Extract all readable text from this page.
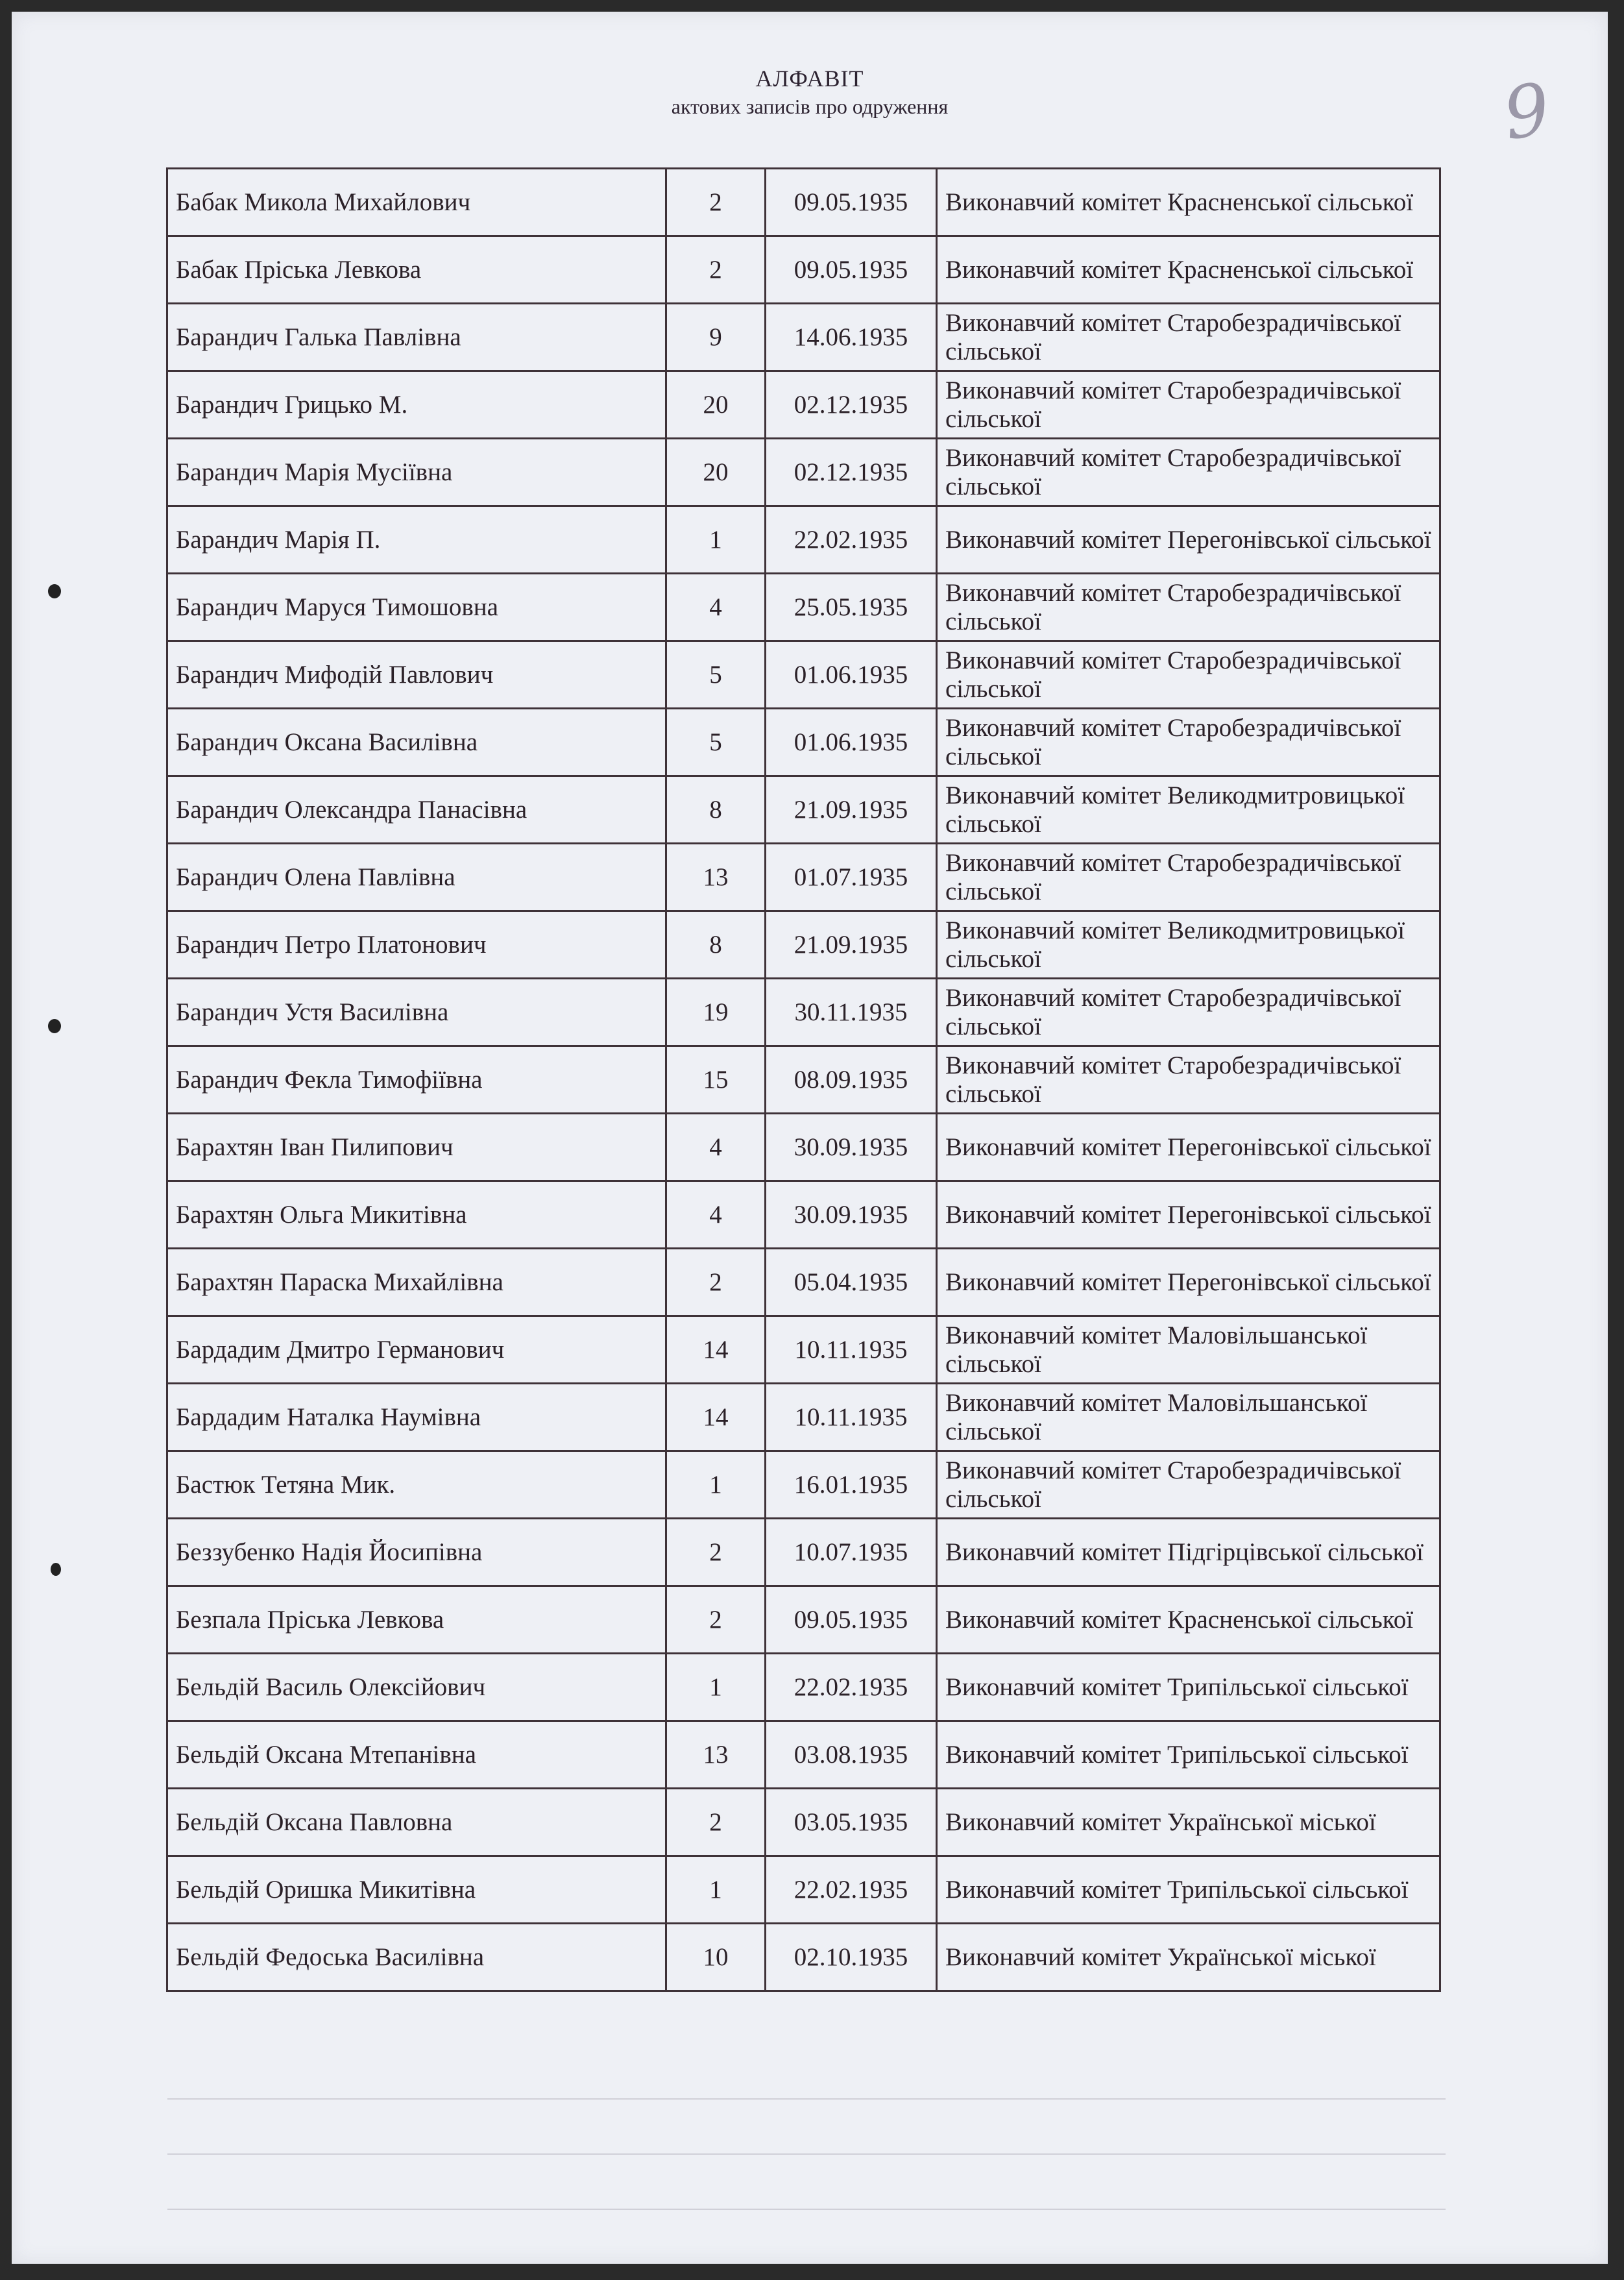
АЛФАВІТ
актових записів про одруження	9
Бабак Микола Михайлович	2	09.05.1935	Виконавчий комітет Красненської сільської
Бабак Пріська Левкова	2	09.05.1935	Виконавчий комітет Красненської сільської
Барандич Галька Павлівна	9	14.06.1935	Виконавчий комітет Старобезрадичівської сільської
Барандич Грицько М.	20	02.12.1935	Виконавчий комітет Старобезрадичівської сільської
Барандич Марія Мусіївна	20	02.12.1935	Виконавчий комітет Старобезрадичівської сільської
Барандич Марія П.	1	22.02.1935	Виконавчий комітет Перегонівської сільської
Барандич Маруся Тимошовна	4	25.05.1935	Виконавчий комітет Старобезрадичівської сільської
Барандич Мифодій Павлович	5	01.06.1935	Виконавчий комітет Старобезрадичівської сільської
Барандич Оксана Василівна	5	01.06.1935	Виконавчий комітет Старобезрадичівської сільської
Барандич Олександра Панасівна	8	21.09.1935	Виконавчий комітет Великодмитровицької сільської
Барандич Олена Павлівна	13	01.07.1935	Виконавчий комітет Старобезрадичівської сільської
Барандич Петро Платонович	8	21.09.1935	Виконавчий комітет Великодмитровицької сільської
Барандич Устя Василівна	19	30.11.1935	Виконавчий комітет Старобезрадичівської сільської
Барандич Фекла Тимофіївна	15	08.09.1935	Виконавчий комітет Старобезрадичівської сільської
Барахтян Іван Пилипович	4	30.09.1935	Виконавчий комітет Перегонівської сільської
Барахтян Ольга Микитівна	4	30.09.1935	Виконавчий комітет Перегонівської сільської
Барахтян Параска Михайлівна	2	05.04.1935	Виконавчий комітет Перегонівської сільської
Бардадим Дмитро Германович	14	10.11.1935	Виконавчий комітет Маловільшанської сільської
Бардадим Наталка Наумівна	14	10.11.1935	Виконавчий комітет Маловільшанської сільської
Бастюк Тетяна Мик.	1	16.01.1935	Виконавчий комітет Старобезрадичівської сільської
Беззубенко Надія Йосипівна	2	10.07.1935	Виконавчий комітет Підгірцівської сільської
Безпала Пріська Левкова	2	09.05.1935	Виконавчий комітет Красненської сільської
Бельдій Василь Олексійович	1	22.02.1935	Виконавчий комітет Трипільської сільської
Бельдій Оксана Мтепанівна	13	03.08.1935	Виконавчий комітет Трипільської сільської
Бельдій Оксана Павловна	2	03.05.1935	Виконавчий комітет Української міської
Бельдій Оришка Микитівна	1	22.02.1935	Виконавчий комітет Трипільської сільської
Бельдій Федоська Василівна	10	02.10.1935	Виконавчий комітет Української міської
